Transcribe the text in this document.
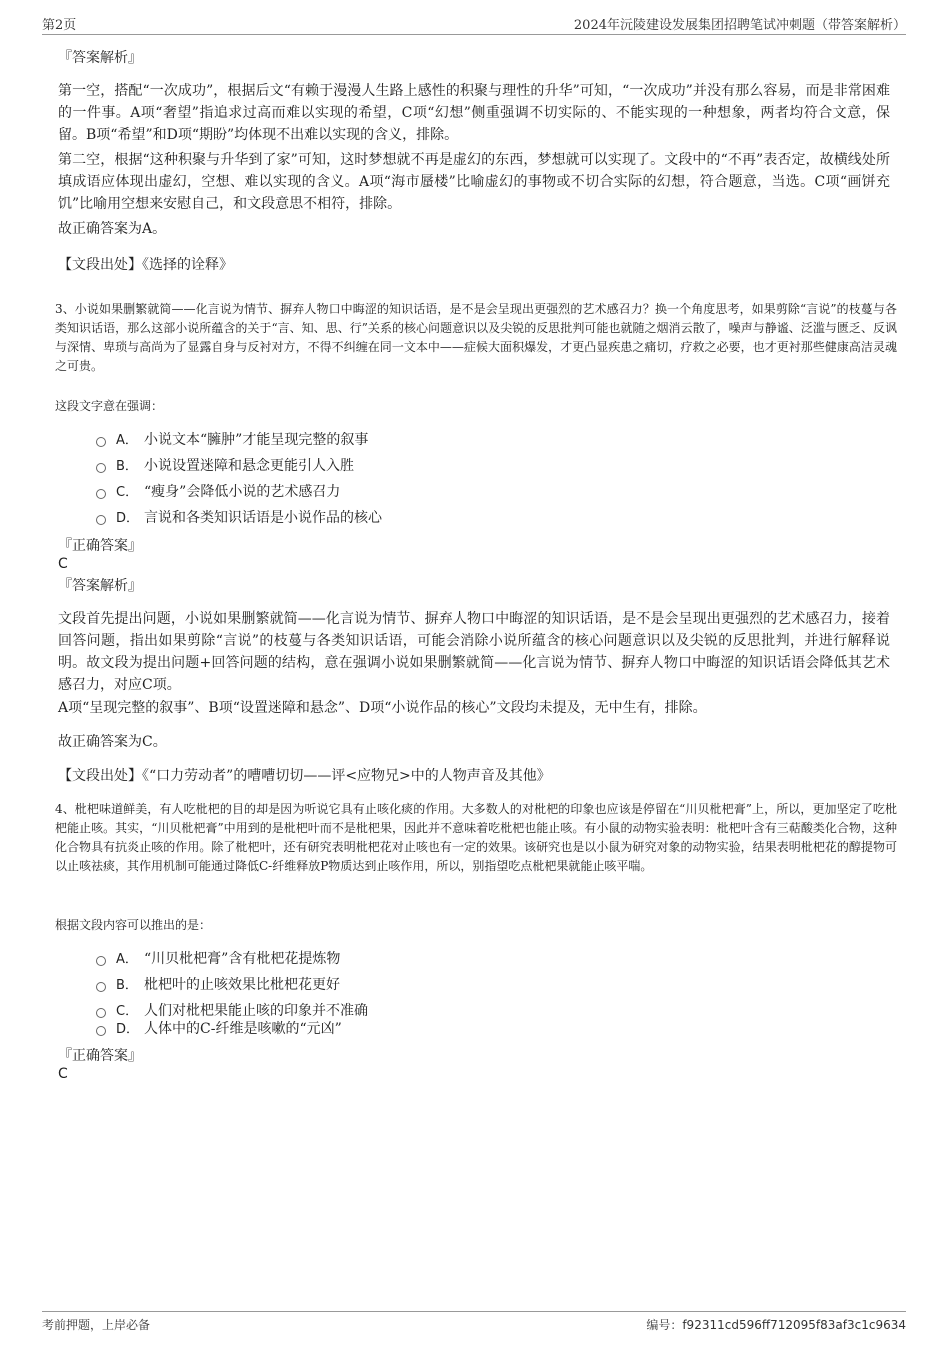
第2页	2024年沅陵建设发展集团招聘笔试冲刺题（带答案解析）
『答案解析』
第一空，搭配“一次成功”，根据后文“有赖于漫漫人生路上感性的积聚与理性的升华”可知，“一次成功”并没有那么容易，而是非常困难的一件事。A项“奢望”指追求过高而难以实现的希望，C项“幻想”侧重强调不切实际的、不能实现的一种想象，两者均符合文意，保留。B项“希望”和D项“期盼”均体现不出难以实现的含义，排除。
第二空，根据“这种积聚与升华到了家”可知，这时梦想就不再是虚幻的东西，梦想就可以实现了。文段中的“不再”表否定，故横线处所填成语应体现出虚幻，空想、难以实现的含义。A项“海市蜃楼”比喻虚幻的事物或不切合实际的幻想，符合题意，当选。C项“画饼充饥”比喻用空想来安慰自己，和文段意思不相符，排除。
故正确答案为A。
【文段出处】《选择的诠释》
3、小说如果删繁就简——化言说为情节、摒弃人物口中晦涩的知识话语，是不是会呈现出更强烈的艺术感召力？换一个角度思考，如果剪除“言说”的枝蔓与各类知识话语，那么这部小说所蕴含的关于“言、知、思、行”关系的核心问题意识以及尖锐的反思批判可能也就随之烟消云散了，噪声与静谧、泛滥与匮乏、反讽与深情、卑琐与高尚为了显露自身与反衬对方，不得不纠缠在同一文本中——症候大面积爆发，才更凸显疾患之痛切，疗救之必要，也才更衬那些健康高洁灵魂之可贵。
这段文字意在强调：
A． 小说文本“臃肿”才能呈现完整的叙事
B． 小说设置迷障和悬念更能引人入胜
C． “瘦身”会降低小说的艺术感召力
D． 言说和各类知识话语是小说作品的核心
『正确答案』
C
『答案解析』
文段首先提出问题，小说如果删繁就简——化言说为情节、摒弃人物口中晦涩的知识话语，是不是会呈现出更强烈的艺术感召力，接着回答问题，指出如果剪除“言说”的枝蔓与各类知识话语，可能会消除小说所蕴含的核心问题意识以及尖锐的反思批判，并进行解释说明。故文段为提出问题+回答问题的结构，意在强调小说如果删繁就简——化言说为情节、摒弃人物口中晦涩的知识话语会降低其艺术感召力，对应C项。
A项“呈现完整的叙事”、B项“设置迷障和悬念”、D项“小说作品的核心”文段均未提及，无中生有，排除。
故正确答案为C。
【文段出处】《“口力劳动者”的嘈嘈切切——评<应物兄>中的人物声音及其他》
4、枇杷味道鲜美，有人吃枇杷的目的却是因为听说它具有止咳化痰的作用。大多数人的对枇杷的印象也应该是停留在“川贝枇杷膏”上，所以，更加坚定了吃枇杷能止咳。其实，“川贝枇杷膏”中用到的是枇杷叶而不是枇杷果，因此并不意味着吃枇杷也能止咳。有小鼠的动物实验表明：枇杷叶含有三萜酸类化合物，这种化合物具有抗炎止咳的作用。除了枇杷叶，还有研究表明枇杷花对止咳也有一定的效果。该研究也是以小鼠为研究对象的动物实验，结果表明枇杷花的醇提物可以止咳祛痰，其作用机制可能通过降低C-纤维释放P物质达到止咳作用，所以，别指望吃点枇杷果就能止咳平喘。
根据文段内容可以推出的是：
A． “川贝枇杷膏”含有枇杷花提炼物
B． 枇杷叶的止咳效果比枇杷花更好
C． 人们对枇杷果能止咳的印象并不准确
D． 人体中的C-纤维是咳嗽的“元凶”
『正确答案』
C
考前押题，上岸必备	编号：f92311cd596ff712095f83af3c1c9634
